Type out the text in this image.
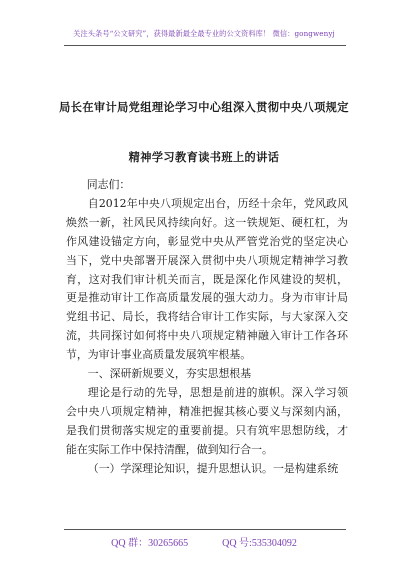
关注头条号“公文研究”，获得最新最全最专业的公文资料库！ 微信：gongwenyj
局长在审计局党组理论学习中心组深入贯彻中央八项规定
精神学习教育读书班上的讲话

同志们：

自2012年中央八项规定出台，历经十余年，党风政风焕然一新，社风民风持续向好。这一铁规矩、硬杠杠，为作风建设锚定方向，彰显党中央从严管党治党的坚定决心当下，党中央部署开展深入贯彻中央八项规定精神学习教育，这对我们审计机关而言，既是深化作风建设的契机，更是推动审计工作高质量发展的强大动力。身为市审计局党组书记、局长，我将结合审计工作实际，与大家深入交流，共同探讨如何将中央八项规定精神融入审计工作各环节，为审计事业高质量发展筑牢根基。

一、深研新规要义，夯实思想根基

理论是行动的先导，思想是前进的旗帜。深入学习领会中央八项规定精神，精准把握其核心要义与深刻内涵，是我们贯彻落实规定的重要前提。只有筑牢思想防线，才能在实际工作中保持清醒，做到知行合一。

（一）学深理论知识，提升思想认识。一是构建系统

QQ 群：30265665	QQ 号:535304092
